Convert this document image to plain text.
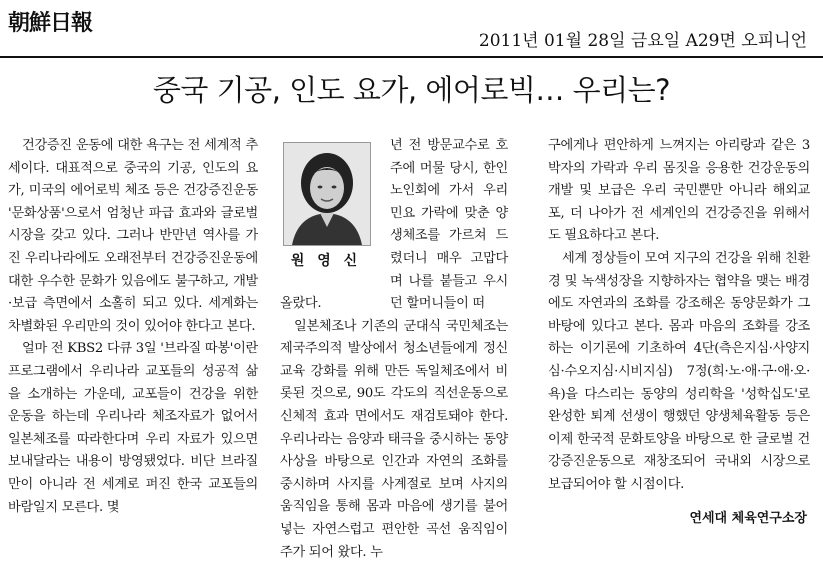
朝鮮日報
2011년 01월 28일 금요일 A29면 오피니언
중국 기공, 인도 요가, 에어로빅… 우리는?

건강증진 운동에 대한 욕구는 전 세계적 추세이다. 대표적으로 중국의 기공, 인도의 요가, 미국의 에어로빅 체조 등은 건강증진운동 '문화상품'으로서 엄청난 파급 효과와 글로벌시장을 갖고 있다. 그러나 반만년 역사를 가진 우리나라에도 오래전부터 건강증진운동에 대한 우수한 문화가 있음에도 불구하고, 개발·보급 측면에서 소홀히 되고 있다. 세계화는 차별화된 우리만의 것이 있어야 한다고 본다.

얼마 전 KBS2 다큐 3일 '브라질 따봉'이란 프로그램에서 우리나라 교포들의 성공적 삶을 소개하는 가운데, 교포들이 건강을 위한 운동을 하는데 우리나라 체조자료가 없어서 일본체조를 따라한다며 우리 자료가 있으면 보내달라는 내용이 방영됐었다. 비단 브라질만이 아니라 전 세계로 퍼진 한국 교포들의 바람일지 모른다. 몇

원 영 신

년 전 방문교수로 호주에 머물 당시, 한인노인회에 가서 우리 민요 가락에 맞춘 양생체조를 가르쳐 드렸더니 매우 고맙다며 나를 붙들고 우시던 할머니들이 떠

올랐다.

일본체조나 기존의 군대식 국민체조는 제국주의적 발상에서 청소년들에게 정신교육 강화를 위해 만든 독일체조에서 비롯된 것으로, 90도 각도의 직선운동으로 신체적 효과 면에서도 재검토돼야 한다. 우리나라는 음양과 태극을 중시하는 동양사상을 바탕으로 인간과 자연의 조화를 중시하며 사지를 사계절로 보며 사지의 움직임을 통해 몸과 마음에 생기를 불어넣는 자연스럽고 편안한 곡선 움직임이 주가 되어 왔다. 누

구에게나 편안하게 느껴지는 아리랑과 같은 3박자의 가락과 우리 몸짓을 응용한 건강운동의 개발 및 보급은 우리 국민뿐만 아니라 해외교포, 더 나아가 전 세계인의 건강증진을 위해서도 필요하다고 본다.

세계 정상들이 모여 지구의 건강을 위해 친환경 및 녹색성장을 지향하자는 협약을 맺는 배경에도 자연과의 조화를 강조해온 동양문화가 그 바탕에 있다고 본다. 몸과 마음의 조화를 강조하는 이기론에 기초하여 4단(측은지심·사양지심·수오지심·시비지심) 7정(희·노·애·구·애·오·욕)을 다스리는 동양의 성리학을 '성학십도'로 완성한 퇴계 선생이 행했던 양생체육활동 등은 이제 한국적 문화토양을 바탕으로 한 글로벌 건강증진운동으로 재창조되어 국내외 시장으로 보급되어야 할 시점이다.

연세대 체육연구소장
